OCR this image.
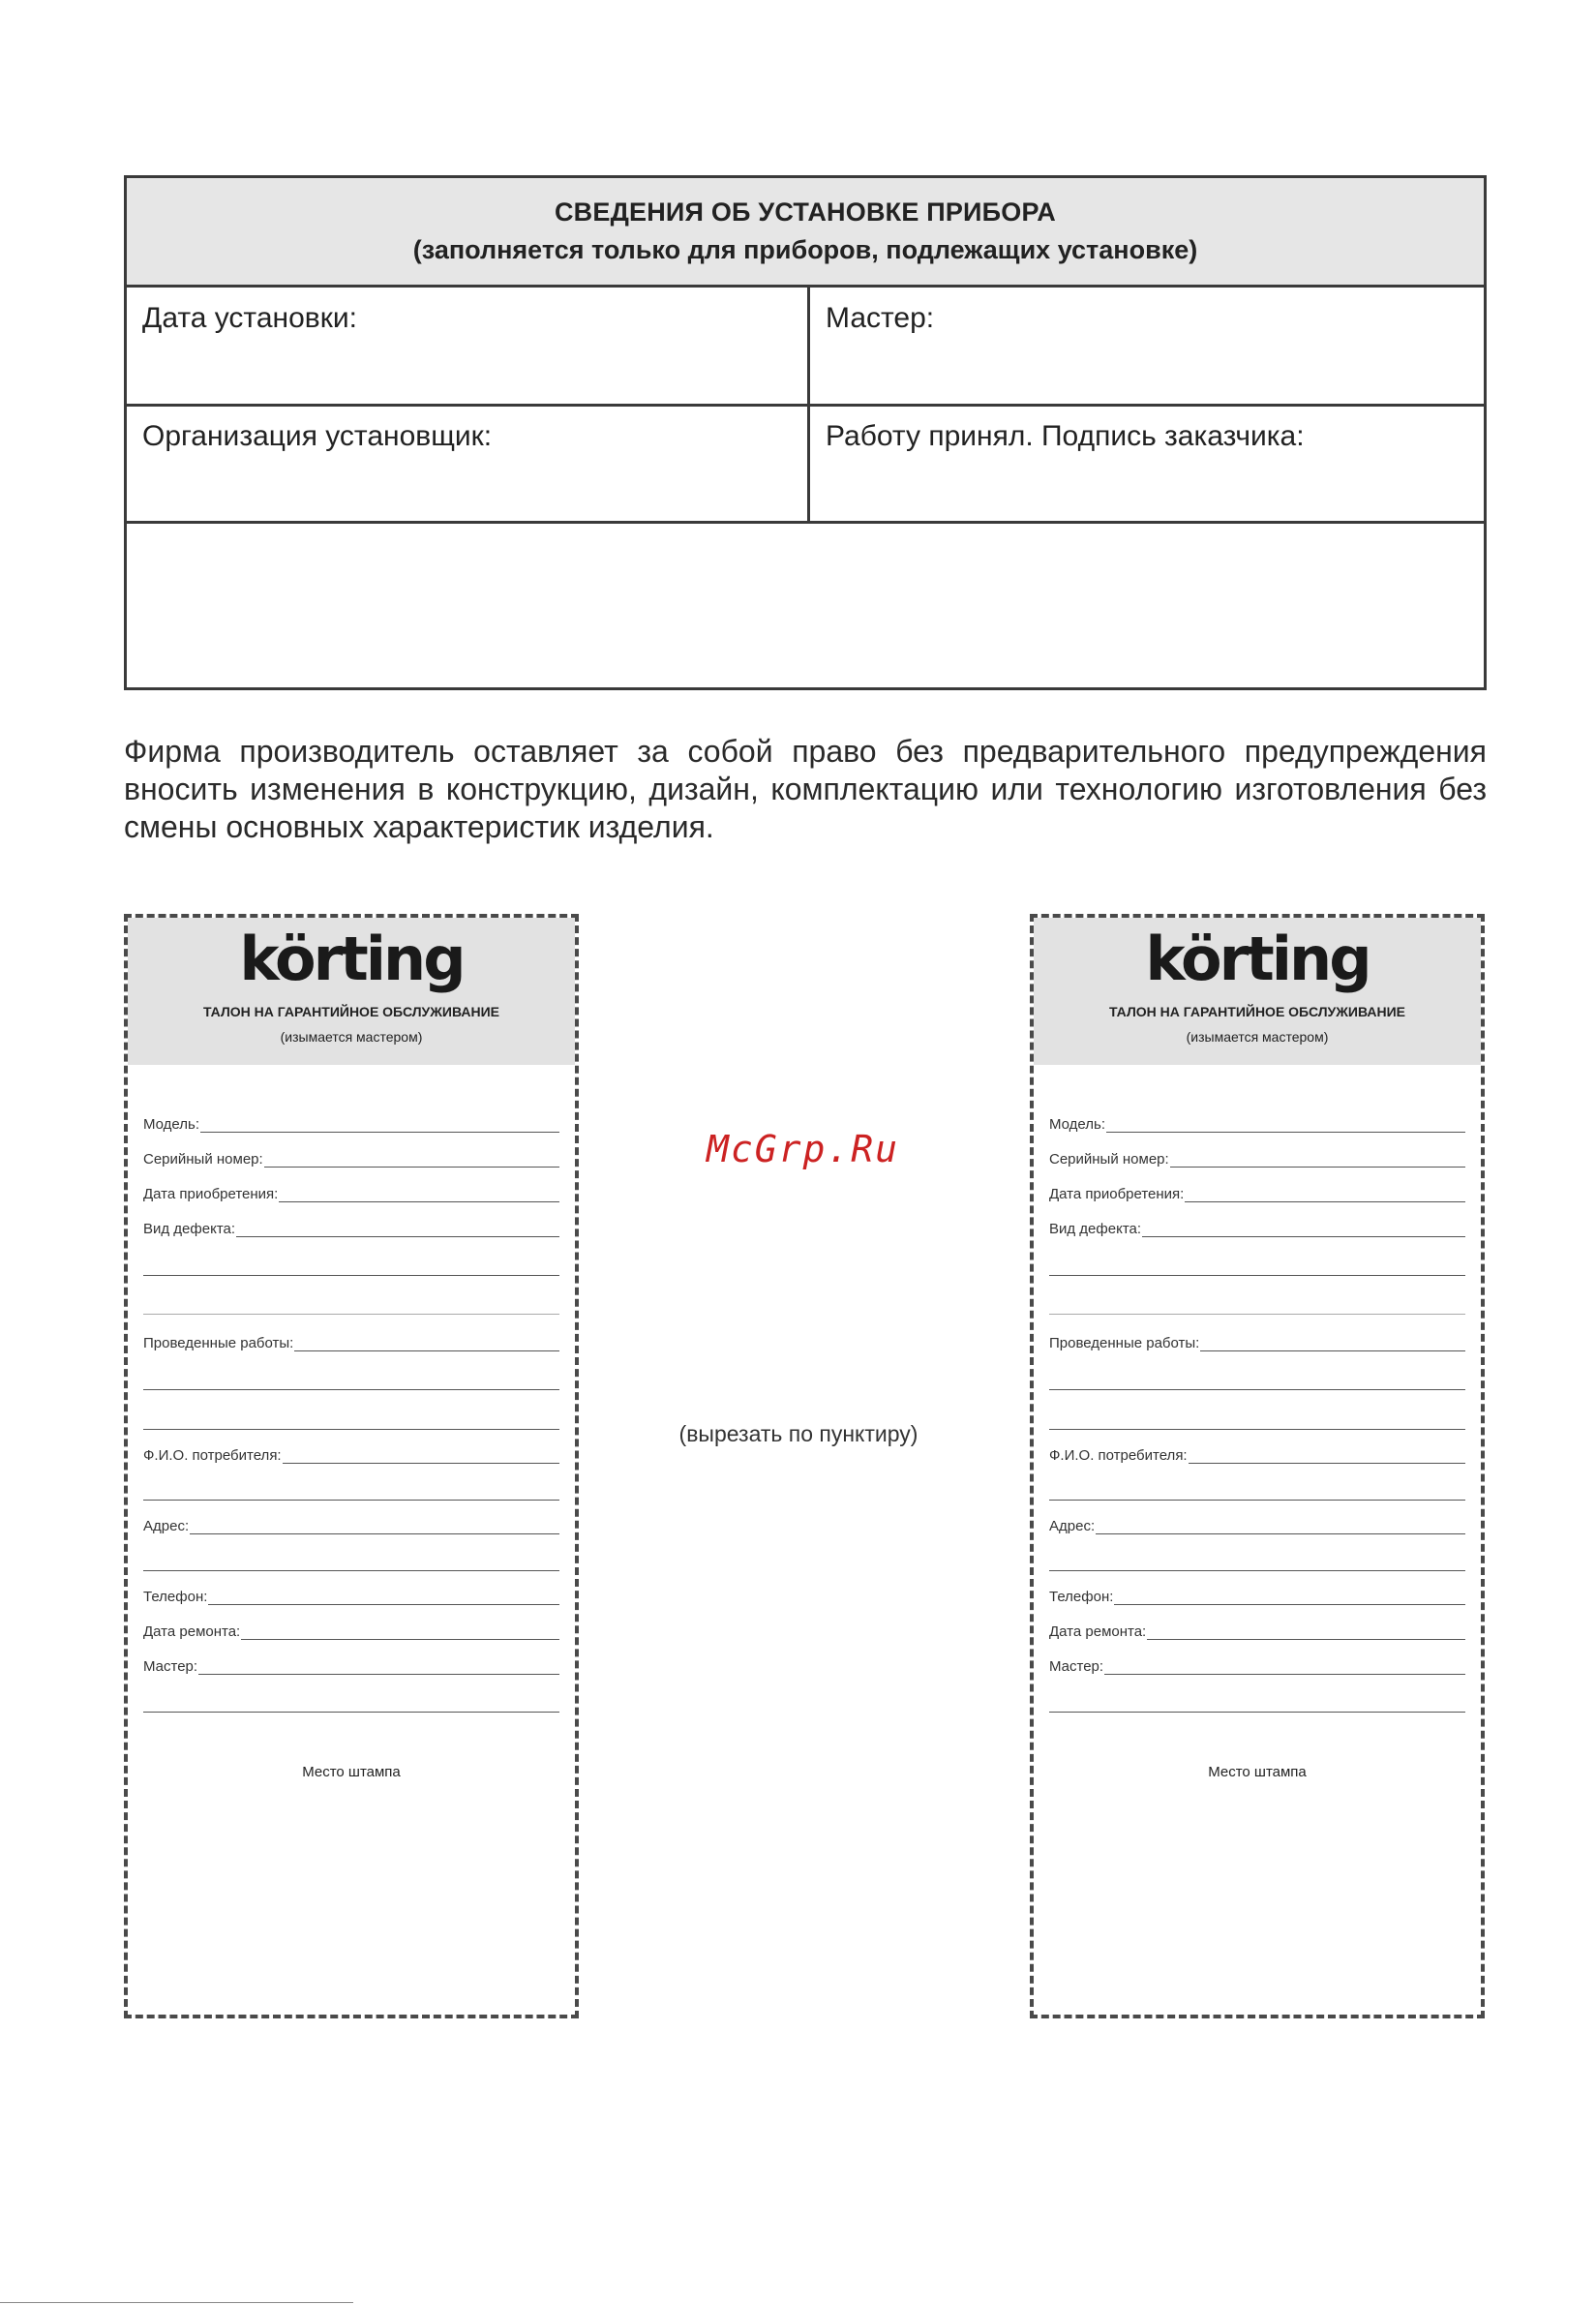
СВЕДЕНИЯ ОБ УСТАНОВКЕ ПРИБОРА
(заполняется только для приборов, подлежащих установке)
Дата установки:	Мастер:
Организация установщик:	Работу принял. Подпись заказчика:
Фирма производитель оставляет за собой право без предварительного предупреждения вносить изменения в конструкцию, дизайн, комплектацию или технологию изготовления без смены основных характеристик изделия.
körting
ТАЛОН НА ГАРАНТИЙНОЕ ОБСЛУЖИВАНИЕ
(изымается мастером)
Модель:
Серийный номер:
Дата приобретения:
Вид дефекта:
Проведенные работы:
Ф.И.О. потребителя:
Адрес:
Телефон:
Дата ремонта:
Мастер:
Место штампа
körting
ТАЛОН НА ГАРАНТИЙНОЕ ОБСЛУЖИВАНИЕ
(изымается мастером)
Модель:
Серийный номер:
Дата приобретения:
Вид дефекта:
Проведенные работы:
Ф.И.О. потребителя:
Адрес:
Телефон:
Дата ремонта:
Мастер:
Место штампа
McGrp.Ru
(вырезать по пунктиру)
